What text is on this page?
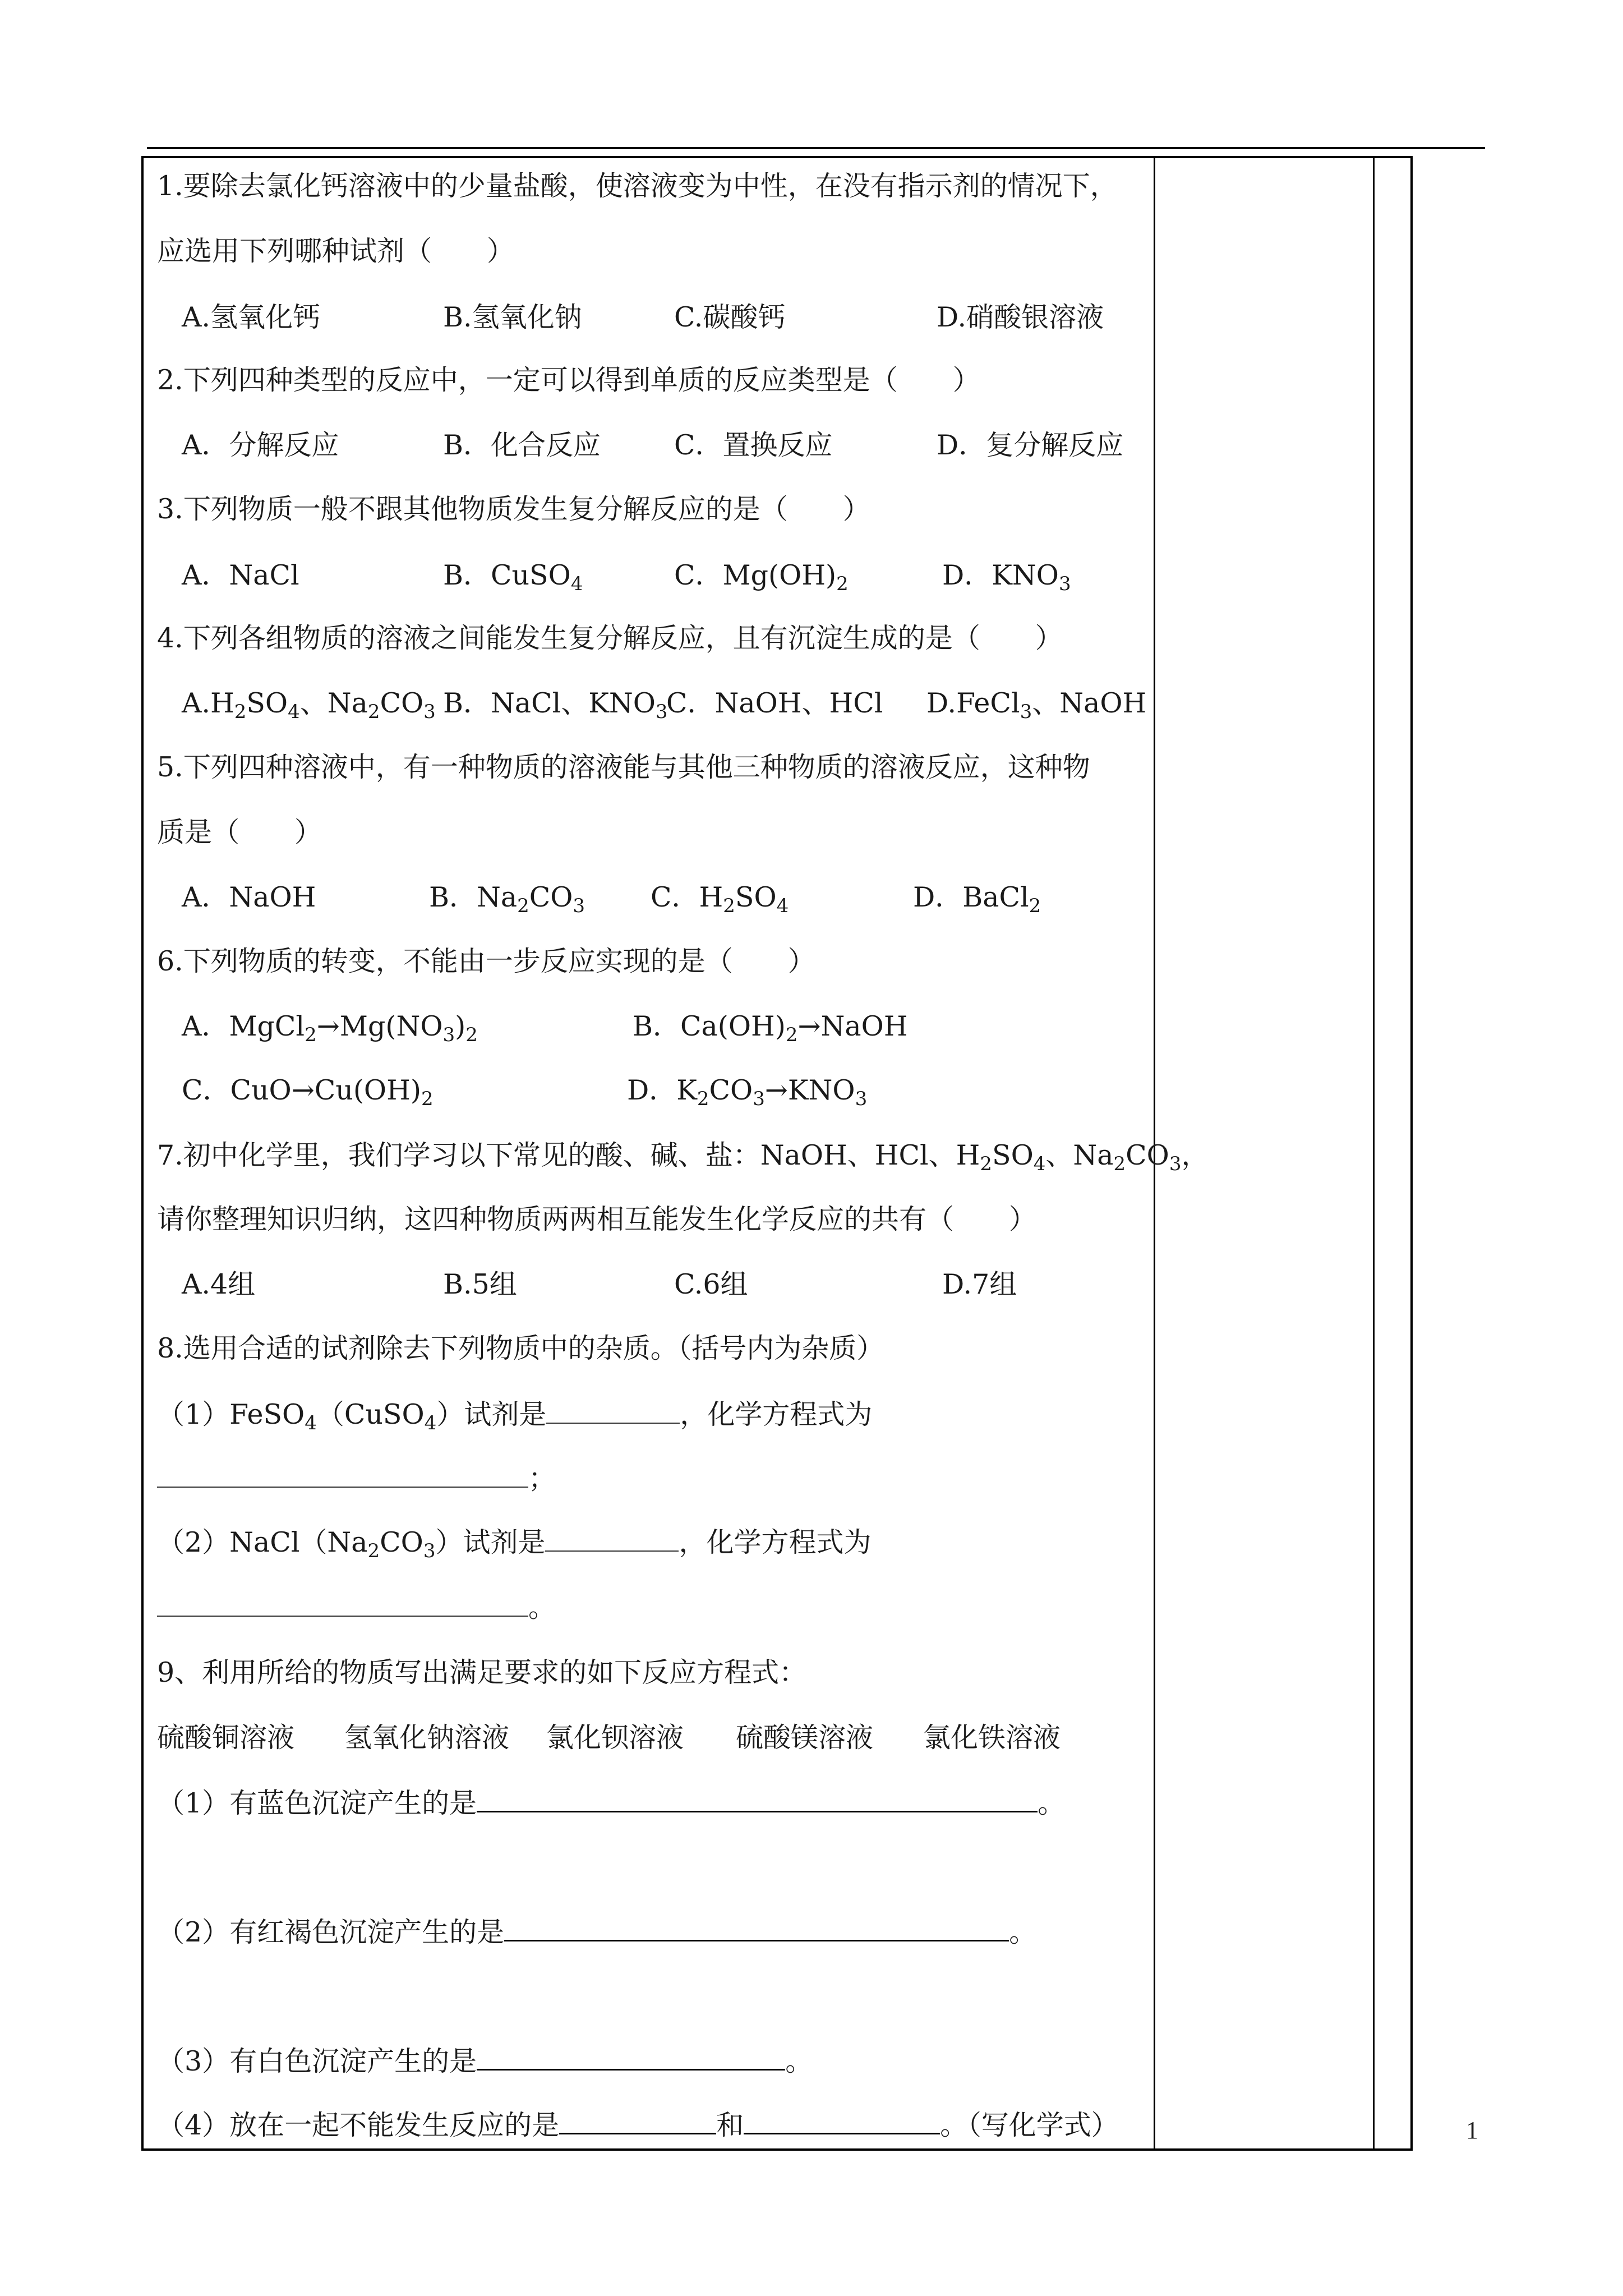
1.要除去氯化钙溶液中的少量盐酸，使溶液变为中性，在没有指示剂的情况下，
应选用下列哪种试剂（　　）
A.氢氧化钙	B.氢氧化钠	C.碳酸钙	D.硝酸银溶液
2.下列四种类型的反应中，一定可以得到单质的反应类型是（　　）
A．分解反应	B．化合反应	C．置换反应	D．复分解反应
3.下列物质一般不跟其他物质发生复分解反应的是（　　）
A．NaCl	B．CuSO$_4$	C．$Mg(OH)_2$	D．$KNO_3$
4.下列各组物质的溶液之间能发生复分解反应，且有沉淀生成的是（　　）
$A.H_2SO_4$、$Na_2CO_3$ B．NaCl、$KNO_3$
C．NaOH、HCl D.FeCl$_3$、NaOH
5.下列四种溶液中，有一种物质的溶液能与其他三种物质的溶液反应，这种物
质是（　　）
A．NaOH	B．$Na_2CO_3$ C．$H_2SO_4$	D．BaCl$_2$
6.下列物质的转变，不能由一步反应实现的是（　　）
A．$MgCl_2\to Mg(NO_3)_2$	B．$Ca(OH)_2\to NaOH$
C．$CuO\to Cu(OH)_2$	D．$K_2CO_3\to KNO_3$
7.初中化学里，我们学习以下常见的酸、碱、盐：NaOH、HCl、$H_2SO_4$、$Na_2CO_3$，
请你整理知识归纳，这四种物质两两相互能发生化学反应的共有（　　）
A.4组	B.5组	C.6组	D.7组
8.选用合适的试剂除去下列物质中的杂质。（括号内为杂质）
（1）FeSO$_4$（CuSO$_4$）试剂是	，化学方程式为
；
$(2)NaCl(Na_2CO_3)$试剂是	，化学方程式为
。
9、利用所给的物质写出满足要求的如下反应方程式：
硫酸铜溶液 氢氧化钠溶液 氯化钡溶液 硫酸镁溶液 氯化铁溶液
（1）有蓝色沉淀产生的是	。
（2）有红褐色沉淀产生的是	。
（3）有白色沉淀产生的是	。
（4）放在一起不能发生反应的是	和	。（写化学式）	1
